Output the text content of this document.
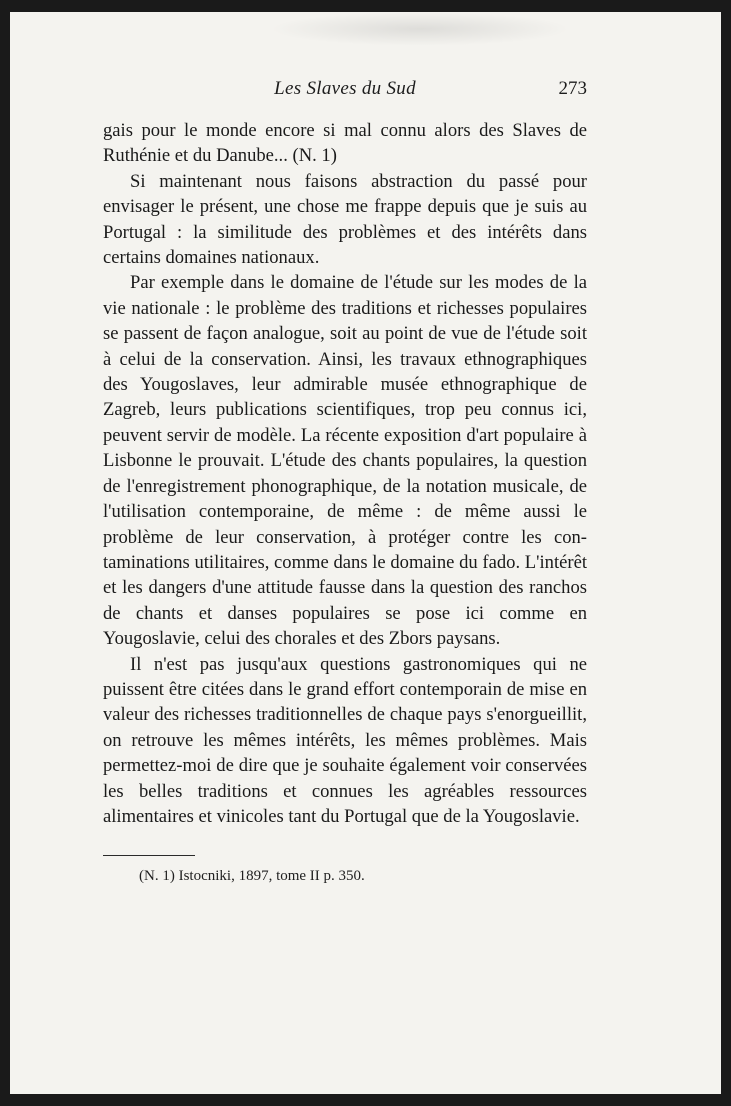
Les Slaves du Sud	273

gais pour le monde encore si mal connu alors des Slaves de Ruthénie et du Danube... (N. 1)

Si maintenant nous faisons abstraction du passé pour envisager le présent, une chose me frappe depuis que je suis au Portugal : la similitude des problèmes et des intérêts dans certains domaines nationaux.

Par exemple dans le domaine de l'étude sur les modes de la vie nationale : le problème des traditions et richesses populaires se passent de façon analogue, soit au point de vue de l'étude soit à celui de la conservation. Ainsi, les travaux ethnographiques des Yougoslaves, leur admirable musée ethnographique de Zagreb, leurs publications scientifiques, trop peu connus ici, peuvent servir de modèle. La récente exposition d'art populaire à Lisbonne le prouvait. L'étude des chants populaires, la question de l'enregistrement phonographique, de la notation musicale, de l'utilisation contemporaine, de même : de même aussi le problème de leur conservation, à protéger contre les contaminations utilitaires, comme dans le domaine du fado. L'intérêt et les dangers d'une attitude fausse dans la question des ranchos de chants et danses populaires se pose ici comme en Yougoslavie, celui des chorales et des Zbors paysans.

Il n'est pas jusqu'aux questions gastronomiques qui ne puissent être citées dans le grand effort contemporain de mise en valeur des richesses traditionnelles de chaque pays s'enorgueillit, on retrouve les mêmes intérêts, les mêmes problèmes. Mais permettez-moi de dire que je souhaite également voir conservées les belles traditions et connues les agréables ressources alimentaires et vinicoles tant du Portugal que de la Yougoslavie.

(N. 1) Istocniki, 1897, tome II p. 350.
